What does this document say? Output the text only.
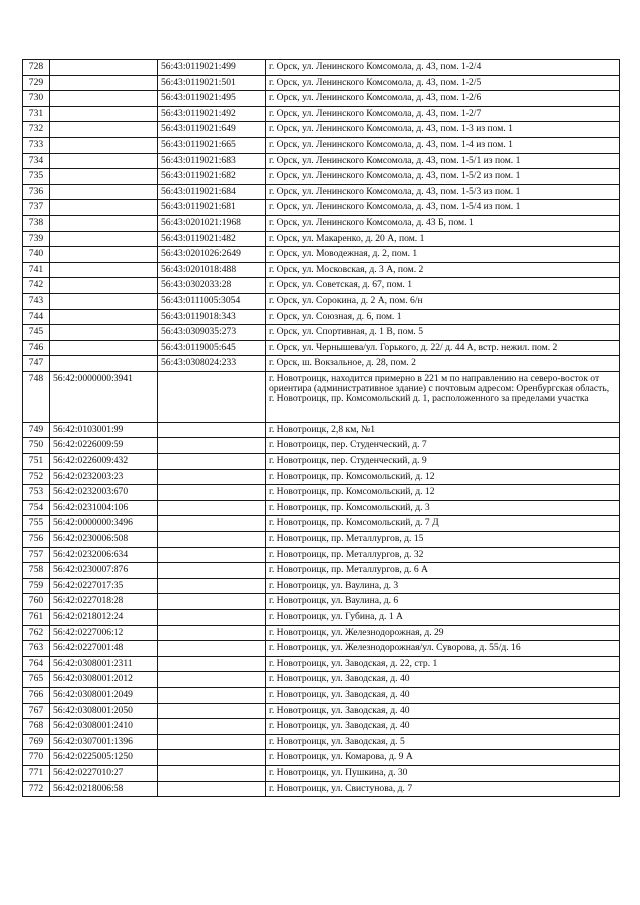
728		56:43:0119021:499	г. Орск, ул. Ленинского Комсомола, д. 43, пом. 1-2/4
729		56:43:0119021:501	г. Орск, ул. Ленинского Комсомола, д. 43, пом. 1-2/5
730		56:43:0119021:495	г. Орск, ул. Ленинского Комсомола, д. 43, пом. 1-2/6
731		56:43:0119021:492	г. Орск, ул. Ленинского Комсомола, д. 43, пом. 1-2/7
732		56:43:0119021:649	г. Орск, ул. Ленинского Комсомола, д. 43, пом. 1-3 из пом. 1
733		56:43:0119021:665	г. Орск, ул. Ленинского Комсомола, д. 43, пом. 1-4 из пом. 1
734		56:43:0119021:683	г. Орск, ул. Ленинского Комсомола, д. 43, пом. 1-5/1 из пом. 1
735		56:43:0119021:682	г. Орск, ул. Ленинского Комсомола, д. 43, пом. 1-5/2 из пом. 1
736		56:43:0119021:684	г. Орск, ул. Ленинского Комсомола, д. 43, пом. 1-5/3 из пом. 1
737		56:43:0119021:681	г. Орск, ул. Ленинского Комсомола, д. 43, пом. 1-5/4 из пом. 1
738		56:43:0201021:1968	г. Орск, ул. Ленинского Комсомола, д. 43 Б, пом. 1
739		56:43:0119021:482	г. Орск, ул. Макаренко, д. 20 А, пом. 1
740		56:43:0201026:2649	г. Орск, ул. Моводежная, д. 2, пом. 1
741		56:43:0201018:488	г. Орск, ул. Московская, д. 3 А, пом. 2
742		56:43:0302033:28	г. Орск, ул. Советская, д. 67, пом. 1
743		56:43:0111005:3054	г. Орск, ул. Сорокина, д. 2 А, пом. 6/н
744		56:43:0119018:343	г. Орск, ул. Союзная, д. 6, пом. 1
745		56:43:0309035:273	г. Орск, ул. Спортивная, д. 1 В, пом. 5
746		56:43:0119005:645	г. Орск, ул. Чернышева/ул. Горького, д. 22/ д. 44 А, встр. нежил. пом. 2
747		56:43:0308024:233	г. Орск, ш. Вокзальное, д. 28, пом. 2
748	56:42:0000000:3941		г. Новотроицк, находится примерно в 221 м по направлению на северо-восток от ориентира (административное здание) с почтовым адресом: Оренбургская область, г. Новотроицк, пр. Комсомольский д. 1, расположенного за пределами участка
749	56:42:0103001:99		г. Новотроицк, 2,8 км, №1
750	56:42:0226009:59		г. Новотроицк, пер. Студенческий, д. 7
751	56:42:0226009:432		г. Новотроицк, пер. Студенческий, д. 9
752	56:42:0232003:23		г. Новотроицк, пр. Комсомольский, д. 12
753	56:42:0232003:670		г. Новотроицк, пр. Комсомольский, д. 12
754	56:42:0231004:106		г. Новотроицк, пр. Комсомольский, д. 3
755	56:42:0000000:3496		г. Новотроицк, пр. Комсомольский, д. 7 Д
756	56:42:0230006:508		г. Новотроицк, пр. Металлургов, д. 15
757	56:42:0232006:634		г. Новотроицк, пр. Металлургов, д. 32
758	56:42:0230007:876		г. Новотроицк, пр. Металлургов, д. 6 А
759	56:42:0227017:35		г. Новотроицк, ул. Ваулина, д. 3
760	56:42:0227018:28		г. Новотроицк, ул. Ваулина, д. 6
761	56:42:0218012:24		г. Новотроицк, ул. Губина, д. 1 А
762	56:42:0227006:12		г. Новотроицк, ул. Железнодорожная, д. 29
763	56:42:0227001:48		г. Новотроицк, ул. Железнодорожная/ул. Суворова, д. 55/д. 16
764	56:42:0308001:2311		г. Новотроицк, ул. Заводская, д. 22, стр. 1
765	56:42:0308001:2012		г. Новотроицк, ул. Заводская, д. 40
766	56:42:0308001:2049		г. Новотроицк, ул. Заводская, д. 40
767	56:42:0308001:2050		г. Новотроицк, ул. Заводская, д. 40
768	56:42:0308001:2410		г. Новотроицк, ул. Заводская, д. 40
769	56:42:0307001:1396		г. Новотроицк, ул. Заводская, д. 5
770	56:42:0225005:1250		г. Новотроицк, ул. Комарова, д. 9 А
771	56:42:0227010:27		г. Новотроицк, ул. Пушкина, д. 30
772	56:42:0218006:58		г. Новотроицк, ул. Свистунова, д. 7
